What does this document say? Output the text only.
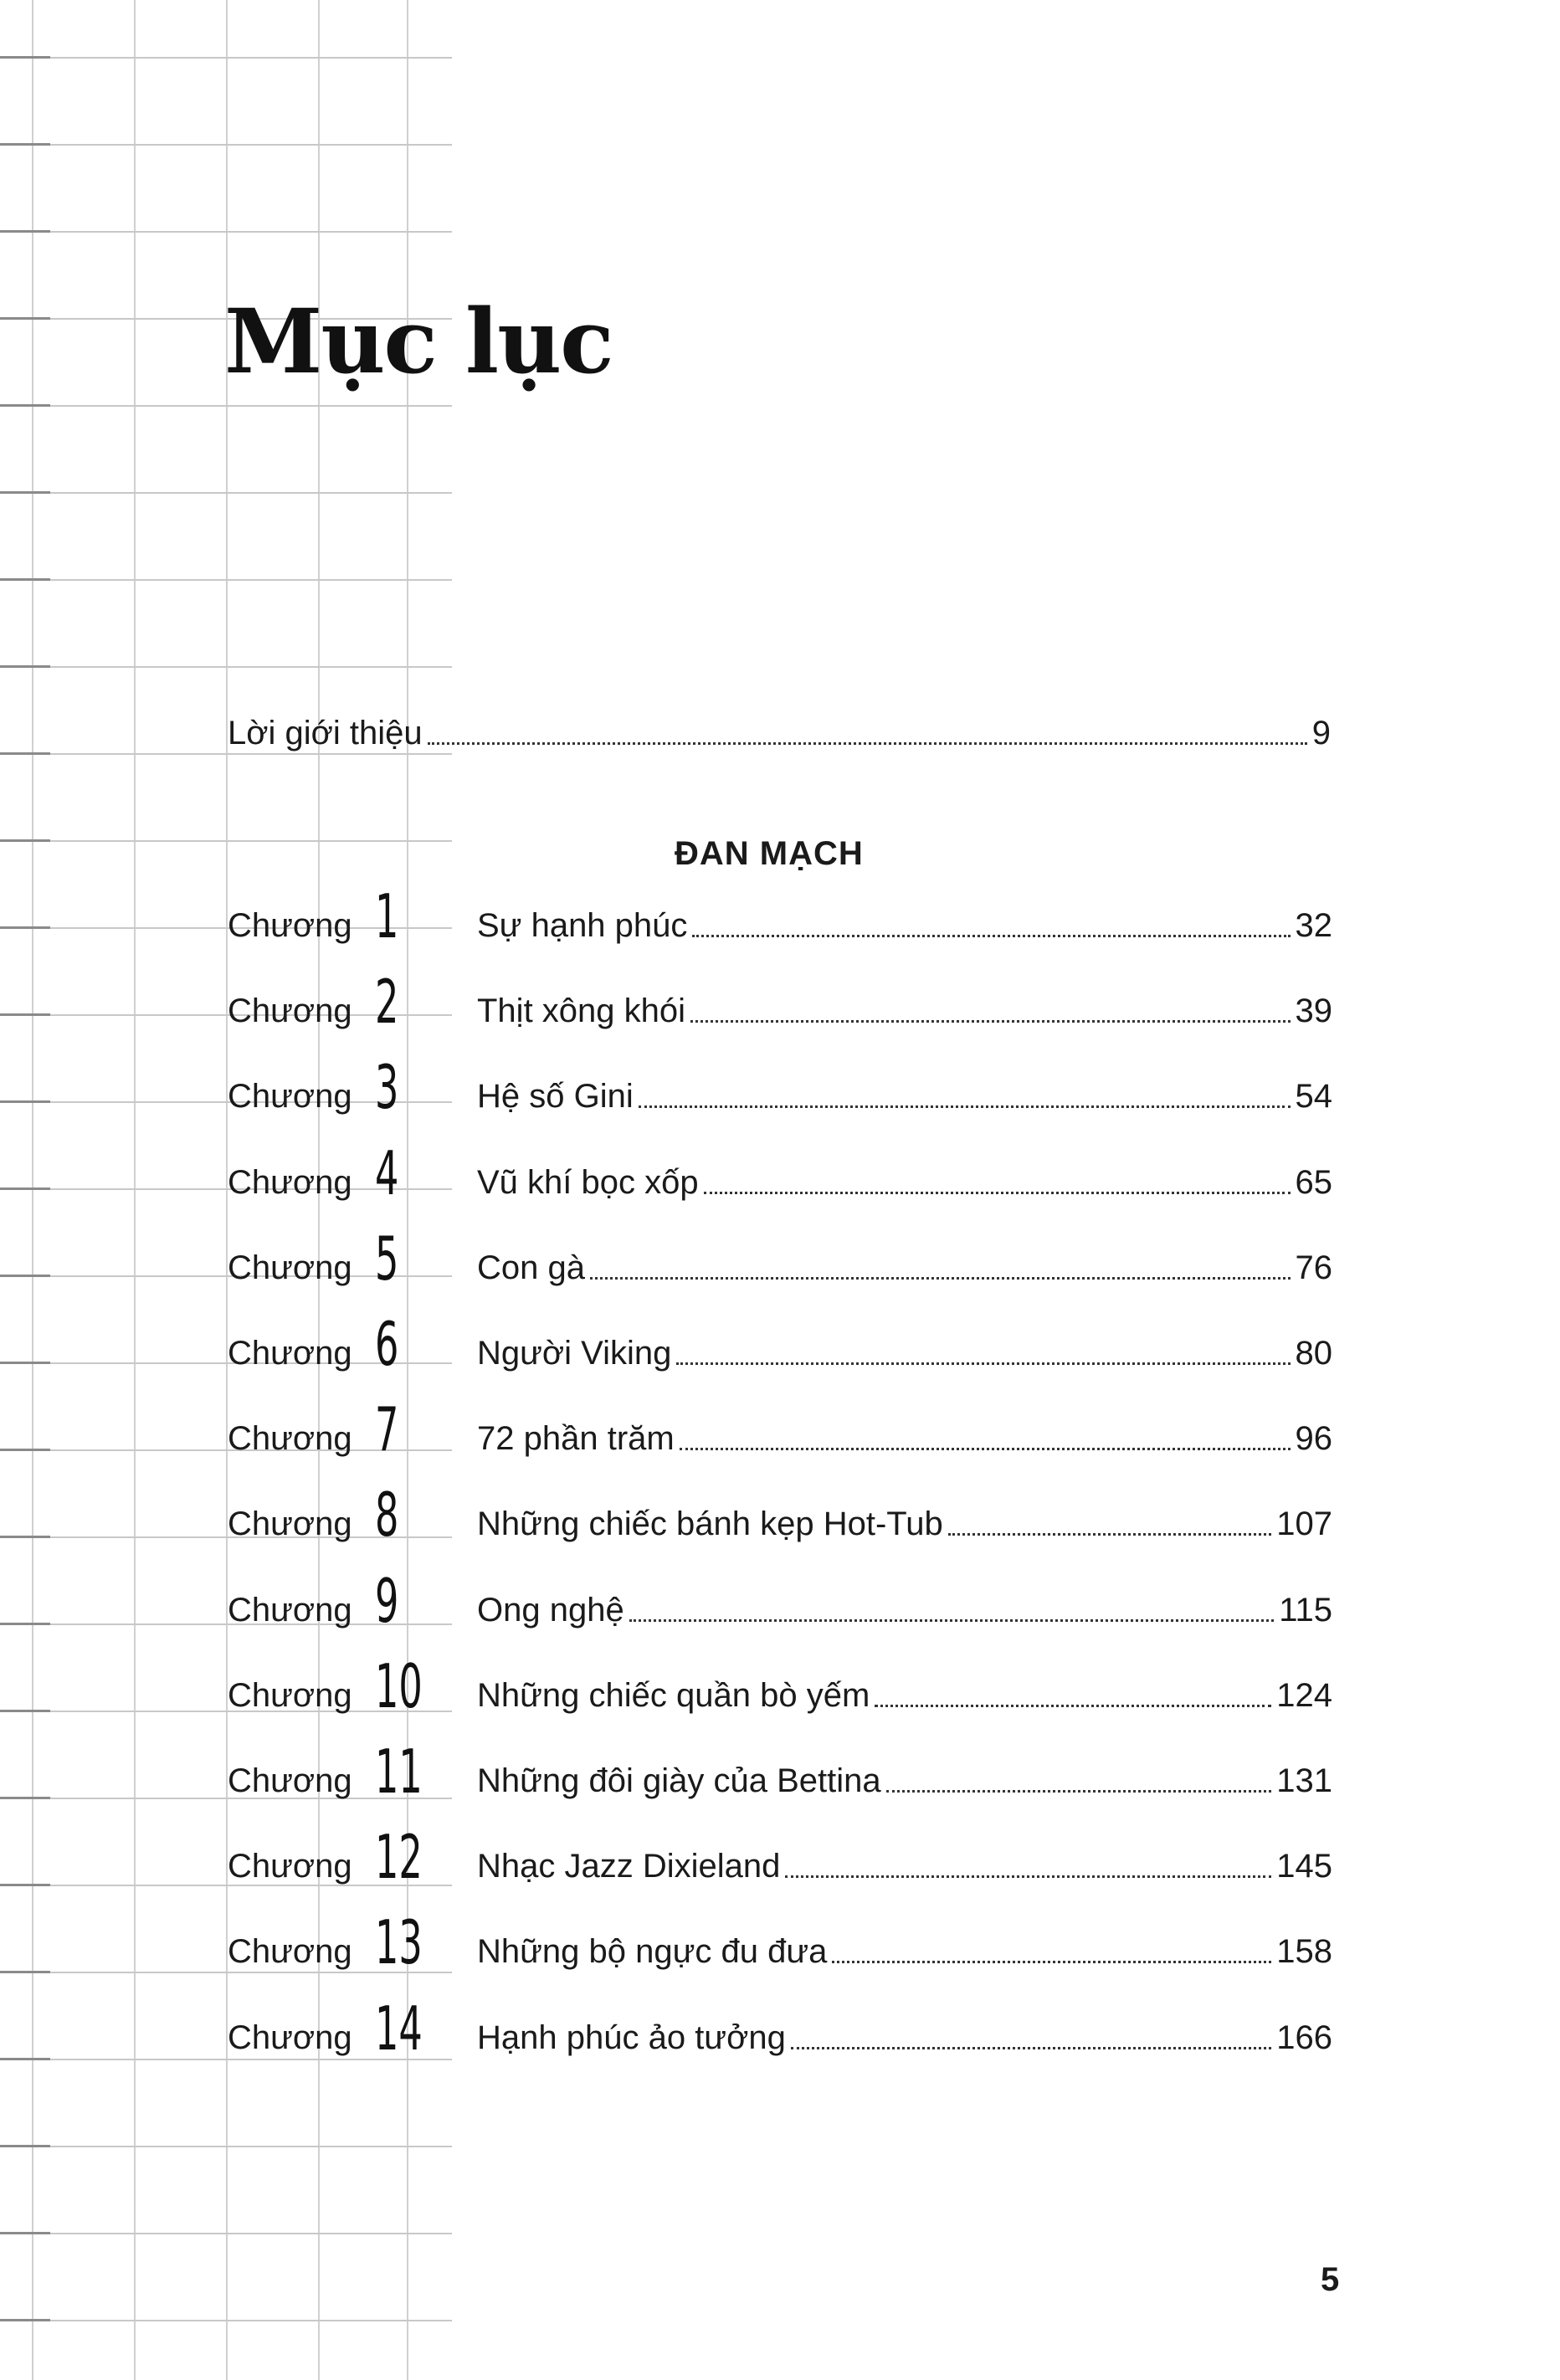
Mục lục
Lời giới thiệu	9
ĐAN MẠCH
Chương 1 Sự hạnh phúc	32
Chương 2 Thịt xông khói	39
Chương 3 Hệ số Gini	54
Chương 4 Vũ khí bọc xốp	65
Chương 5 Con gà	76
Chương 6 Người Viking	80
Chương 7 72 phần trăm	96
Chương 8 Những chiếc bánh kẹp Hot-Tub	107
Chương 9 Ong nghệ	115
Chương 10 Những chiếc quần bò yếm	124
Chương 11 Những đôi giày của Bettina	131
Chương 12 Nhạc Jazz Dixieland	145
Chương 13 Những bộ ngực đu đưa	158
Chương 14 Hạnh phúc ảo tưởng	166
5
